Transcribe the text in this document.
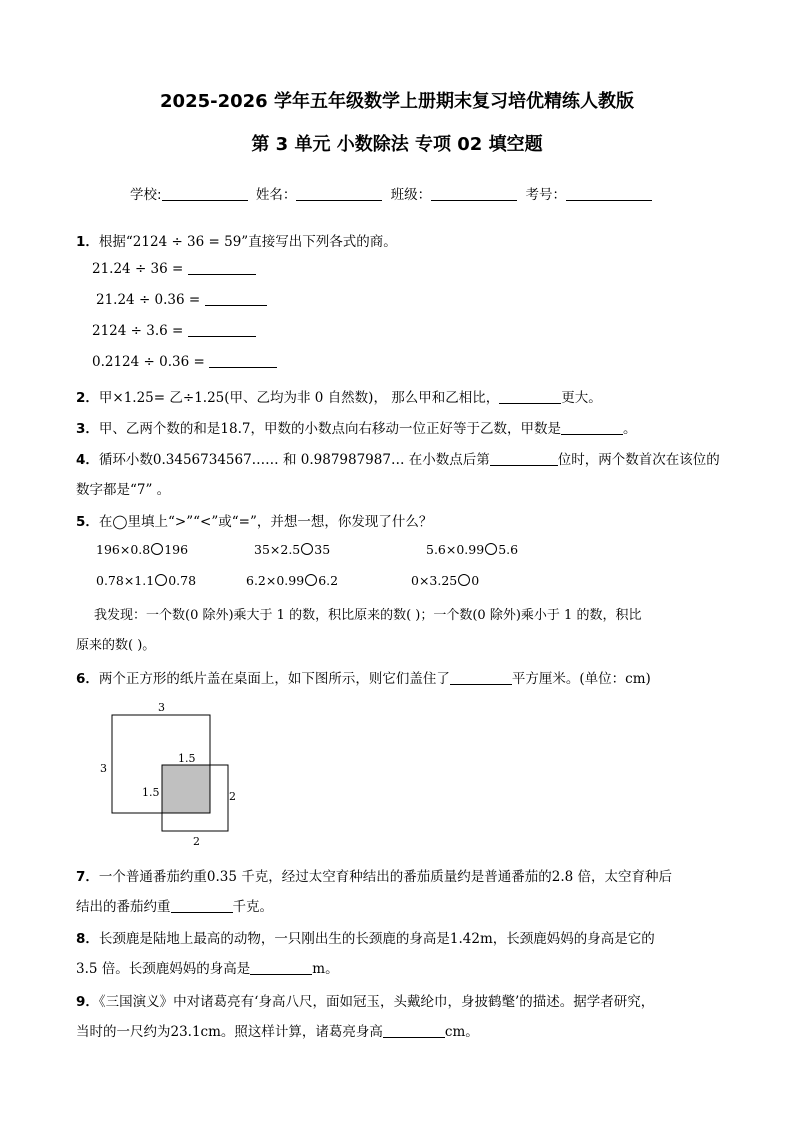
2025-2026 学年五年级数学上册期末复习培优精练人教版
第 3 单元 小数除法 专项 02 填空题
学校:	姓名：	班级：	考号：
1．根据“2124 ÷ 36 = 59”直接写出下列各式的商。
21.24 ÷ 36 =
21.24 ÷ 0.36 =
2124 ÷ 3.6 =
0.2124 ÷ 0.36 =
2．甲×1.25= 乙÷1.25(甲、乙均为非 0 自然数)， 那么甲和乙相比，	更大。
3．甲、乙两个数的和是18.7，甲数的小数点向右移动一位正好等于乙数，甲数是	。
4．循环小数0.3456734567…… 和 0.987987987… 在小数点后第	位时，两个数首次在该位的
数字都是“7” 。
5．在◯里填上“>”“<”或“=”，并想一想，你发现了什么？
196×0.8 196	35×2.5 35	5.6×0.99 5.6
0.78×1.1 0.78	6.2×0.99 6.2	0×3.25 0
我发现：一个数(0 除外)乘大于 1 的数，积比原来的数( )；一个数(0 除外)乘小于 1 的数，积比
原来的数( )。
6．两个正方形的纸片盖在桌面上，如下图所示，则它们盖住了	平方厘米。(单位：cm)
3
3
1.5
1.5	2
2
7．一个普通番茄约重0.35 千克，经过太空育种结出的番茄质量约是普通番茄的2.8 倍，太空育种后
结出的番茄约重	千克。
8．长颈鹿是陆地上最高的动物，一只刚出生的长颈鹿的身高是1.42m，长颈鹿妈妈的身高是它的
3.5 倍。长颈鹿妈妈的身高是	m。
9．《三国演义》中对诸葛亮有‘身高八尺，面如冠玉，头戴纶巾，身披鹤氅’的描述。据学者研究，
当时的一尺约为23.1cm。照这样计算，诸葛亮身高	cm。
